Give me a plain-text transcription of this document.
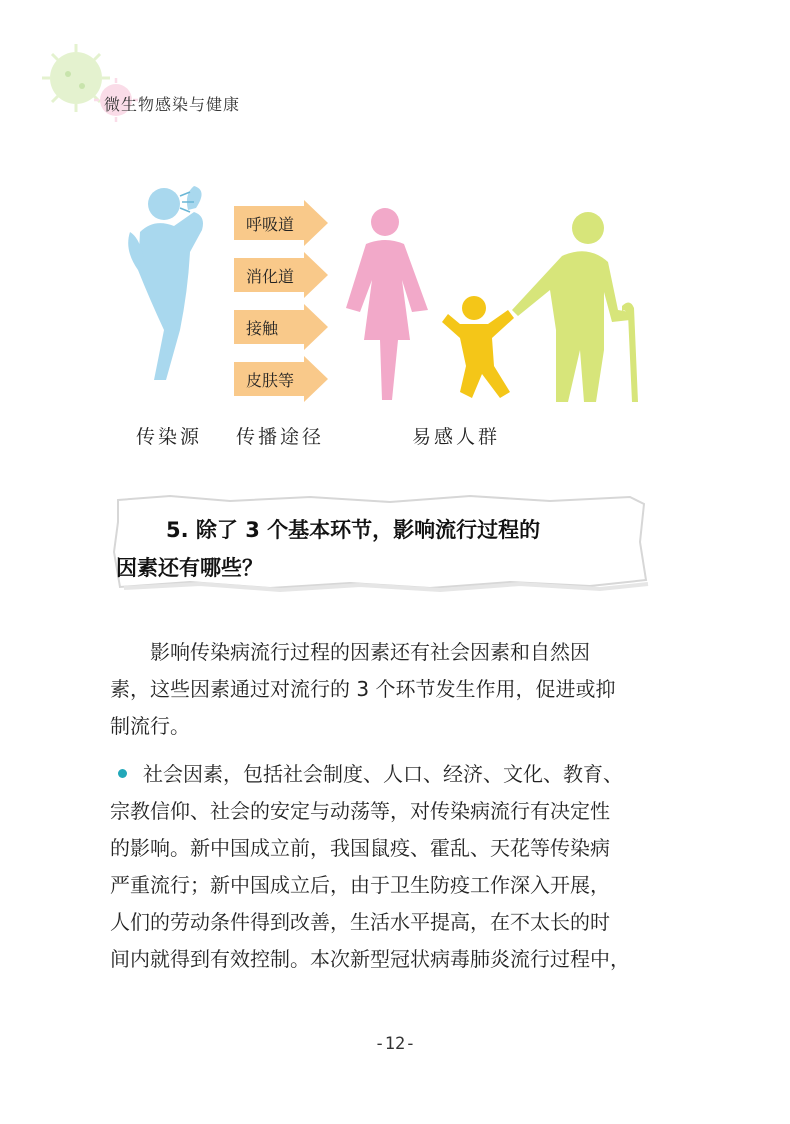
微生物感染与健康
呼吸道
消化道
接触
皮肤等
传染源 传播途径	易感人群
5. 除了 3 个基本环节，影响流行过程的
因素还有哪些？
影响传染病流行过程的因素还有社会因素和自然因
素，这些因素通过对流行的 3 个环节发生作用，促进或抑
制流行。
社会因素，包括社会制度、人口、经济、文化、教育、
宗教信仰、社会的安定与动荡等，对传染病流行有决定性
的影响。新中国成立前，我国鼠疫、霍乱、天花等传染病
严重流行；新中国成立后，由于卫生防疫工作深入开展，
人们的劳动条件得到改善，生活水平提高，在不太长的时
间内就得到有效控制。本次新型冠状病毒肺炎流行过程中，
-12-
